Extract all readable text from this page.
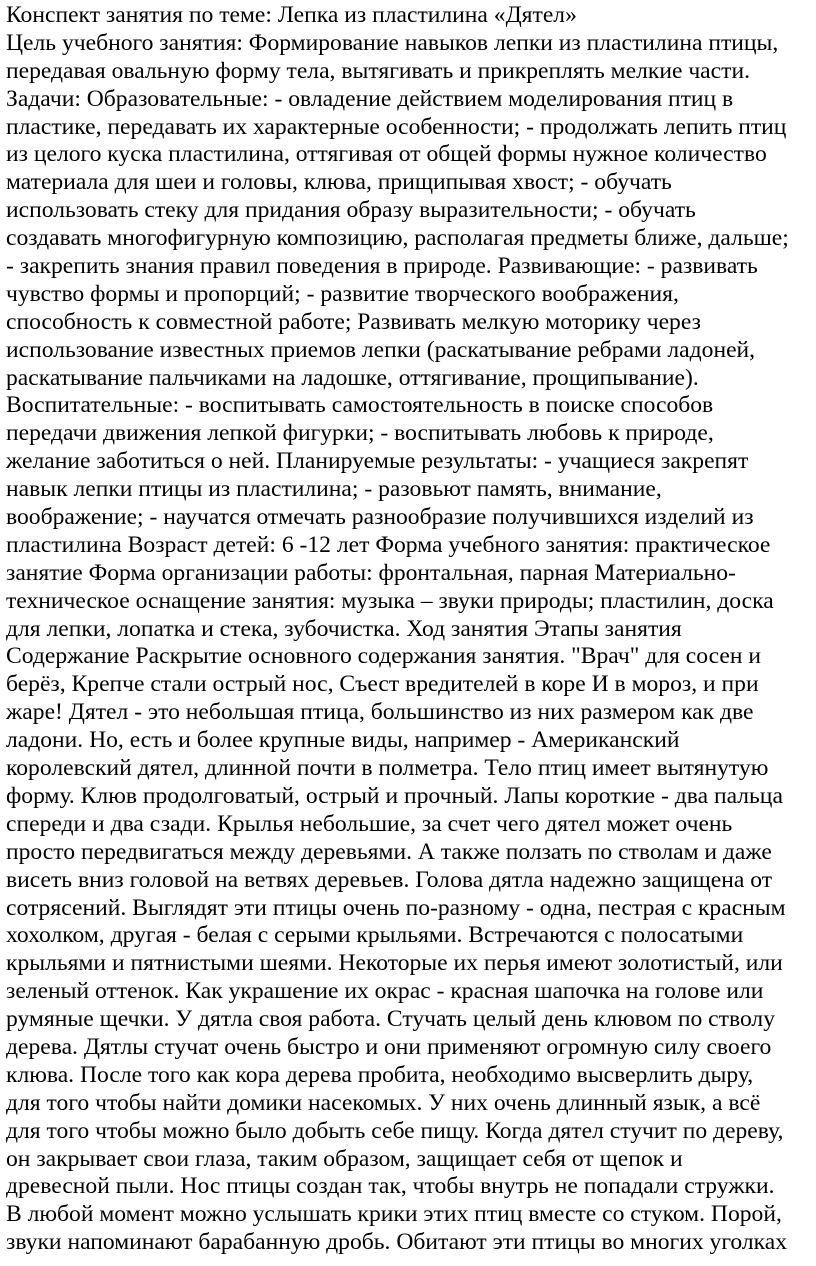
Конспект занятия по теме: Лепка из пластилина «Дятел»
Цель учебного занятия: Формирование навыков лепки из пластилина птицы,
передавая овальную форму тела, вытягивать и прикреплять мелкие части.
Задачи: Образовательные: - овладение действием моделирования птиц в
пластике, передавать их характерные особенности; - продолжать лепить птиц
из целого куска пластилина, оттягивая от общей формы нужное количество
материала для шеи и головы, клюва, прищипывая хвост; - обучать
использовать стеку для придания образу выразительности; - обучать
создавать многофигурную композицию, располагая предметы ближе, дальше;
- закрепить знания правил поведения в природе. Развивающие: - развивать
чувство формы и пропорций; - развитие творческого воображения,
способность к совместной работе; Развивать мелкую моторику через
использование известных приемов лепки (раскатывание ребрами ладоней,
раскатывание пальчиками на ладошке, оттягивание, прощипывание).
Воспитательные: - воспитывать самостоятельность в поиске способов
передачи движения лепкой фигурки; - воспитывать любовь к природе,
желание заботиться о ней. Планируемые результаты: - учащиеся закрепят
навык лепки птицы из пластилина; - разовьют память, внимание,
воображение; - научатся отмечать разнообразие получившихся изделий из
пластилина Возраст детей: 6 -12 лет Форма учебного занятия: практическое
занятие Форма организации работы: фронтальная, парная Материально-
техническое оснащение занятия: музыка – звуки природы; пластилин, доска
для лепки, лопатка и стека, зубочистка. Ход занятия Этапы занятия
Содержание Раскрытие основного содержания занятия. "Врач" для сосен и
берёз, Крепче стали острый нос, Съест вредителей в коре И в мороз, и при
жаре! Дятел - это небольшая птица, большинство из них размером как две
ладони. Но, есть и более крупные виды, например - Американский
королевский дятел, длинной почти в полметра. Тело птиц имеет вытянутую
форму. Клюв продолговатый, острый и прочный. Лапы короткие - два пальца
спереди и два сзади. Крылья небольшие, за счет чего дятел может очень
просто передвигаться между деревьями. А также ползать по стволам и даже
висеть вниз головой на ветвях деревьев. Голова дятла надежно защищена от
сотрясений. Выглядят эти птицы очень по-разному - одна, пестрая с красным
хохолком, другая - белая с серыми крыльями. Встречаются с полосатыми
крыльями и пятнистыми шеями. Некоторые их перья имеют золотистый, или
зеленый оттенок. Как украшение их окрас - красная шапочка на голове или
румяные щечки. У дятла своя работа. Стучать целый день клювом по стволу
дерева. Дятлы стучат очень быстро и они применяют огромную силу своего
клюва. После того как кора дерева пробита, необходимо высверлить дыру,
для того чтобы найти домики насекомых. У них очень длинный язык, а всё
для того чтобы можно было добыть себе пищу. Когда дятел стучит по дереву,
он закрывает свои глаза, таким образом, защищает себя от щепок и
древесной пыли. Нос птицы создан так, чтобы внутрь не попадали стружки.
В любой момент можно услышать крики этих птиц вместе со стуком. Порой,
звуки напоминают барабанную дробь. Обитают эти птицы во многих уголках
